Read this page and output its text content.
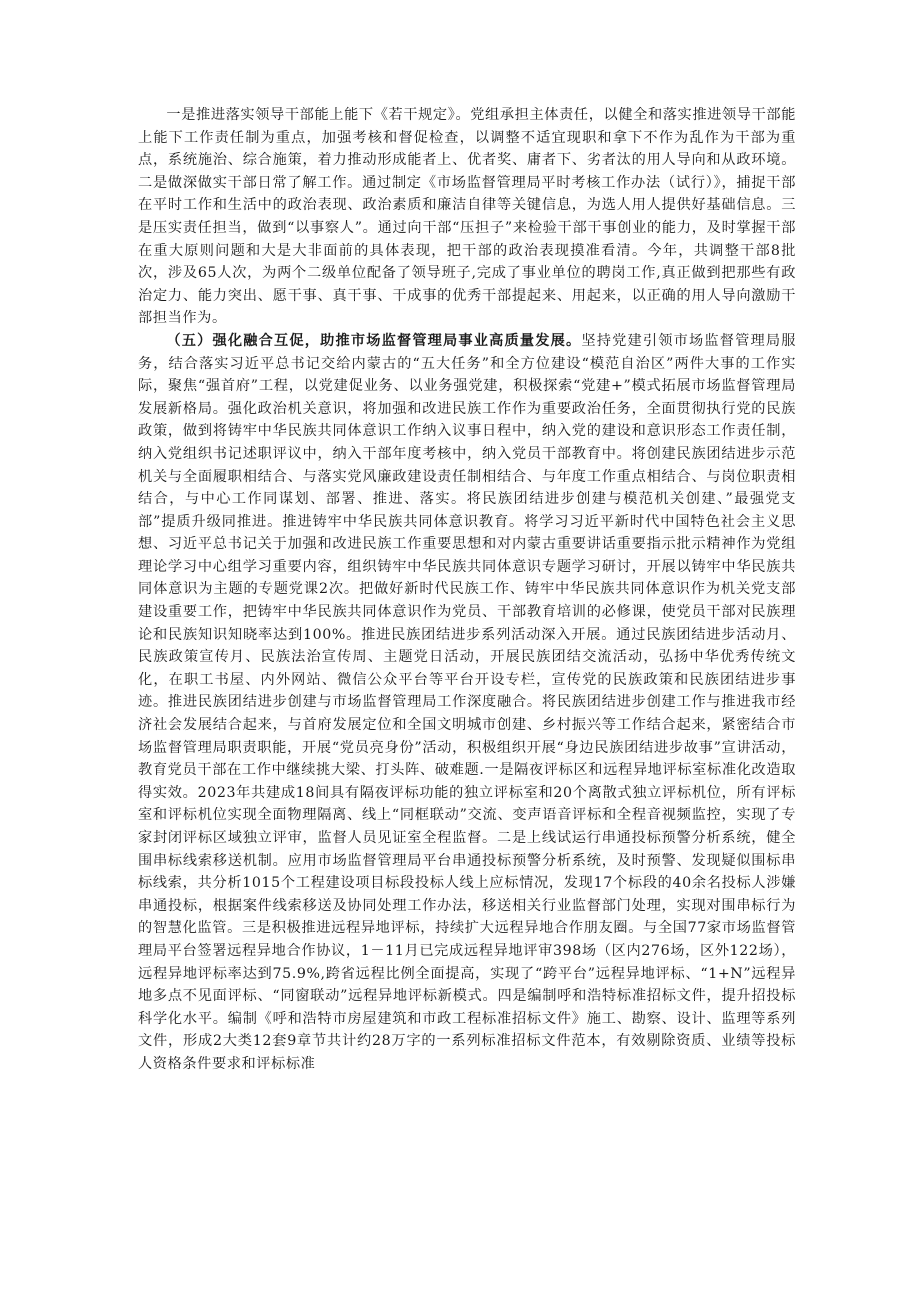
一是推进落实领导干部能上能下《若干规定》。党组承担主体责任，以健全和落实推进领导干部能上能下工作责任制为重点，加强考核和督促检查，以调整不适宜现职和拿下不作为乱作为干部为重点，系统施治、综合施策，着力推动形成能者上、优者奖、庸者下、劣者汰的用人导向和从政环境。二是做深做实干部日常了解工作。通过制定《市场监督管理局平时考核工作办法（试行）》，捕捉干部在平时工作和生活中的政治表现、政治素质和廉洁自律等关键信息，为选人用人提供好基础信息。三是压实责任担当，做到“以事察人”。通过向干部“压担子”来检验干部干事创业的能力，及时掌握干部在重大原则问题和大是大非面前的具体表现，把干部的政治表现摸准看清。今年，共调整干部8批次，涉及65人次，为两个二级单位配备了领导班子,完成了事业单位的聘岗工作,真正做到把那些有政治定力、能力突出、愿干事、真干事、干成事的优秀干部提起来、用起来，以正确的用人导向激励干部担当作为。

（五）强化融合互促，助推市场监督管理局事业高质量发展。坚持党建引领市场监督管理局服务，结合落实习近平总书记交给内蒙古的“五大任务”和全方位建设“模范自治区”两件大事的工作实际，聚焦“强首府”工程，以党建促业务、以业务强党建，积极探索“党建+”模式拓展市场监督管理局发展新格局。强化政治机关意识，将加强和改进民族工作作为重要政治任务，全面贯彻执行党的民族政策，做到将铸牢中华民族共同体意识工作纳入议事日程中，纳入党的建设和意识形态工作责任制，纳入党组织书记述职评议中，纳入干部年度考核中，纳入党员干部教育中。将创建民族团结进步示范机关与全面履职相结合、与落实党风廉政建设责任制相结合、与年度工作重点相结合、与岗位职责相结合，与中心工作同谋划、部署、推进、落实。将民族团结进步创建与模范机关创建、”最强党支部”提质升级同推进。推进铸牢中华民族共同体意识教育。将学习习近平新时代中国特色社会主义思想、习近平总书记关于加强和改进民族工作重要思想和对内蒙古重要讲话重要指示批示精神作为党组理论学习中心组学习重要内容，组织铸牢中华民族共同体意识专题学习研讨，开展以铸牢中华民族共同体意识为主题的专题党课2次。把做好新时代民族工作、铸牢中华民族共同体意识作为机关党支部建设重要工作，把铸牢中华民族共同体意识作为党员、干部教育培训的必修课，使党员干部对民族理论和民族知识知晓率达到100%。推进民族团结进步系列活动深入开展。通过民族团结进步活动月、民族政策宣传月、民族法治宣传周、主题党日活动，开展民族团结交流活动，弘扬中华优秀传统文化，在职工书屋、内外网站、微信公众平台等平台开设专栏，宣传党的民族政策和民族团结进步事迹。推进民族团结进步创建与市场监督管理局工作深度融合。将民族团结进步创建工作与推进我市经济社会发展结合起来，与首府发展定位和全国文明城市创建、乡村振兴等工作结合起来，紧密结合市场监督管理局职责职能，开展“党员亮身份”活动，积极组织开展“身边民族团结进步故事”宣讲活动，教育党员干部在工作中继续挑大梁、打头阵、破难题.一是隔夜评标区和远程异地评标室标准化改造取得实效。2023年共建成18间具有隔夜评标功能的独立评标室和20个离散式独立评标机位，所有评标室和评标机位实现全面物理隔离、线上“同框联动”交流、变声语音评标和全程音视频监控，实现了专家封闭评标区域独立评审，监督人员见证室全程监督。二是上线试运行串通投标预警分析系统，健全围串标线索移送机制。应用市场监督管理局平台串通投标预警分析系统，及时预警、发现疑似围标串标线索，共分析1015个工程建设项目标段投标人线上应标情况，发现17个标段的40余名投标人涉嫌串通投标，根据案件线索移送及协同处理工作办法，移送相关行业监督部门处理，实现对围串标行为的智慧化监管。三是积极推进远程异地评标，持续扩大远程异地合作朋友圈。与全国77家市场监督管理局平台签署远程异地合作协议，1－11月已完成远程异地评审398场（区内276场，区外122场），远程异地评标率达到75.9%,跨省远程比例全面提高，实现了“跨平台”远程异地评标、“1+N”远程异地多点不见面评标、“同窗联动”远程异地评标新模式。四是编制呼和浩特标准招标文件，提升招投标科学化水平。编制《呼和浩特市房屋建筑和市政工程标准招标文件》施工、勘察、设计、监理等系列文件，形成2大类12套9章节共计约28万字的一系列标准招标文件范本，有效剔除资质、业绩等投标人资格条件要求和评标标准
